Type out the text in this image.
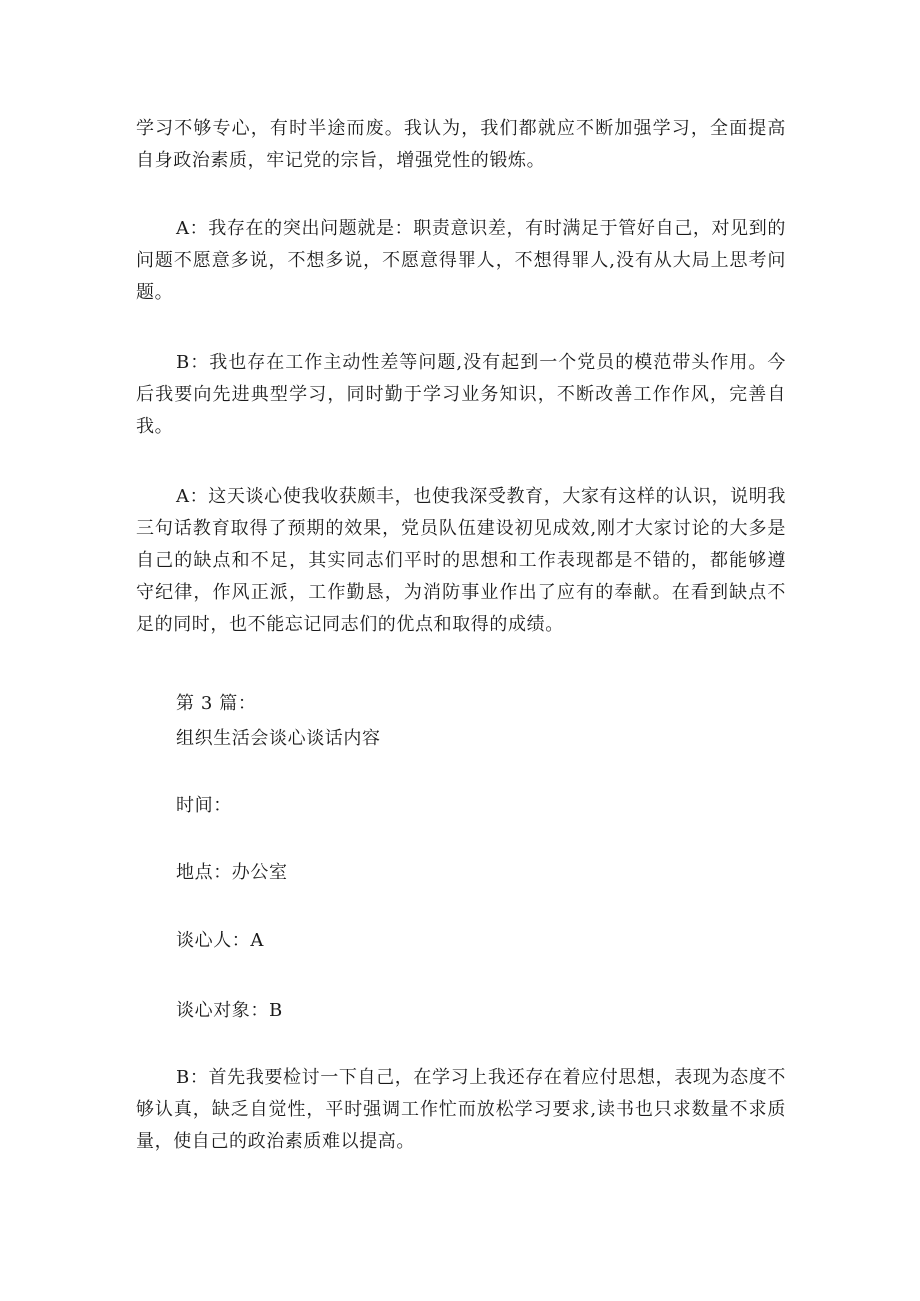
学习不够专心，有时半途而废。我认为，我们都就应不断加强学习，全面提高自身政治素质，牢记党的宗旨，增强党性的锻炼。

A：我存在的突出问题就是：职责意识差，有时满足于管好自己，对见到的问题不愿意多说，不想多说，不愿意得罪人，不想得罪人,没有从大局上思考问题。

B：我也存在工作主动性差等问题,没有起到一个党员的模范带头作用。今后我要向先进典型学习，同时勤于学习业务知识，不断改善工作作风，完善自我。

A：这天谈心使我收获颇丰，也使我深受教育，大家有这样的认识，说明我三句话教育取得了预期的效果，党员队伍建设初见成效,刚才大家讨论的大多是自己的缺点和不足，其实同志们平时的思想和工作表现都是不错的，都能够遵守纪律，作风正派，工作勤恳，为消防事业作出了应有的奉献。在看到缺点不足的同时，也不能忘记同志们的优点和取得的成绩。

第 3 篇：

组织生活会谈心谈话内容

时间：

地点：办公室

谈心人：A

谈心对象：B

B：首先我要检讨一下自己，在学习上我还存在着应付思想，表现为态度不够认真，缺乏自觉性，平时强调工作忙而放松学习要求,读书也只求数量不求质量，使自己的政治素质难以提高。
